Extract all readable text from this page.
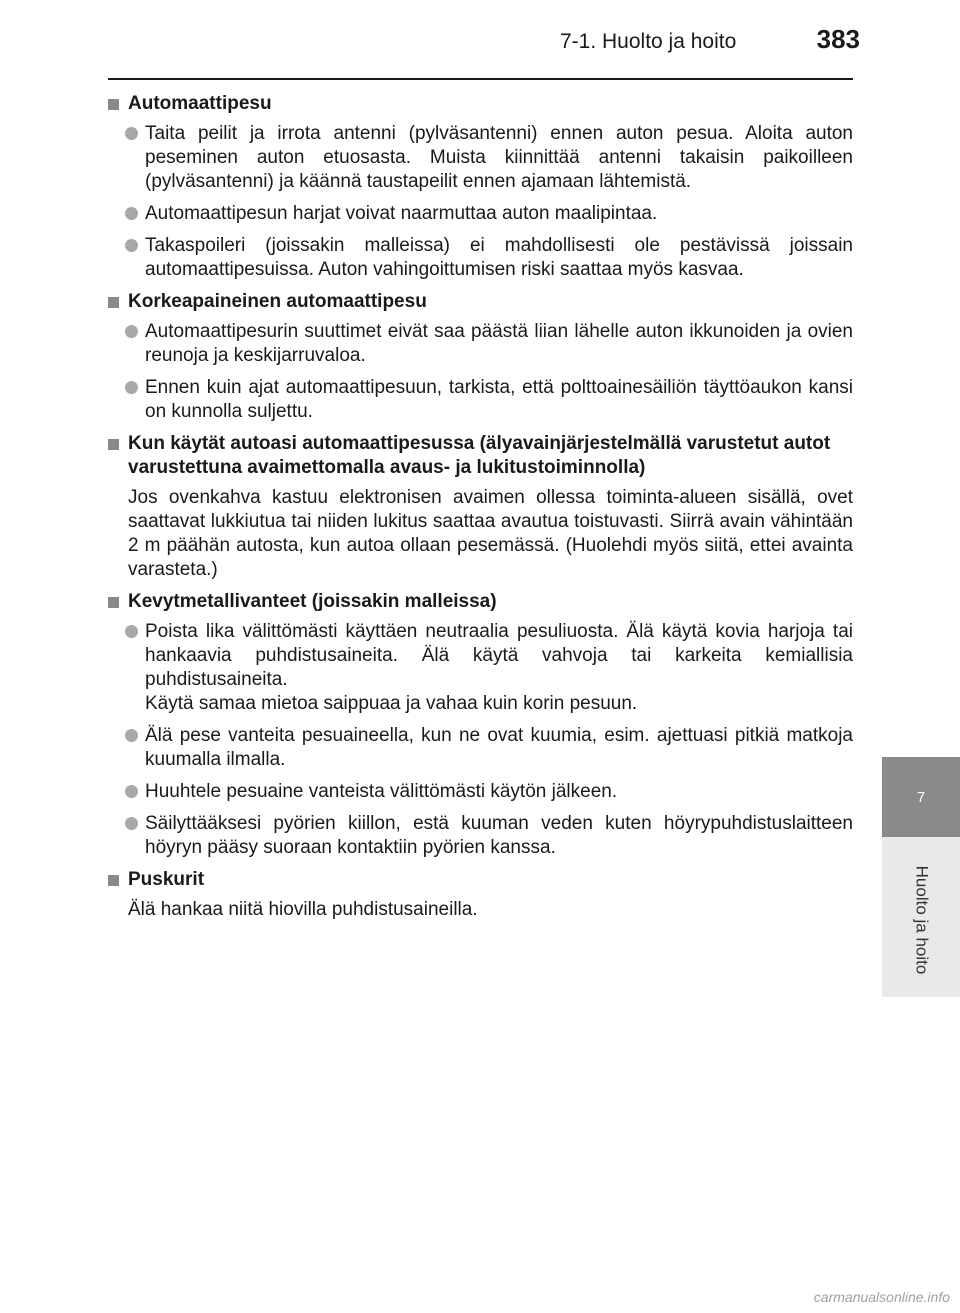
7-1. Huolto ja hoito	383
7
Huolto ja hoito
Automaattipesu
Taita peilit ja irrota antenni (pylväsantenni) ennen auton pesua. Aloita auton peseminen auton etuosasta. Muista kiinnittää antenni takaisin paikoilleen (pylväsantenni) ja käännä taustapeilit ennen ajamaan lähtemistä.
Automaattipesun harjat voivat naarmuttaa auton maalipintaa.
Takaspoileri (joissakin malleissa) ei mahdollisesti ole pestävissä joissain automaattipesuissa. Auton vahingoittumisen riski saattaa myös kasvaa.
Korkeapaineinen automaattipesu
Automaattipesurin suuttimet eivät saa päästä liian lähelle auton ikkunoiden ja ovien reunoja ja keskijarruvaloa.
Ennen kuin ajat automaattipesuun, tarkista, että polttoainesäiliön täyttöaukon kansi on kunnolla suljettu.
Kun käytät autoasi automaattipesussa (älyavainjärjestelmällä varustetut autot varustettuna avaimettomalla avaus- ja lukitustoiminnolla)
Jos ovenkahva kastuu elektronisen avaimen ollessa toiminta-alueen sisällä, ovet saattavat lukkiutua tai niiden lukitus saattaa avautua toistuvasti. Siirrä avain vähintään 2 m päähän autosta, kun autoa ollaan pesemässä. (Huolehdi myös siitä, ettei avainta varasteta.)
Kevytmetallivanteet (joissakin malleissa)
Poista lika välittömästi käyttäen neutraalia pesuliuosta. Älä käytä kovia harjoja tai hankaavia puhdistusaineita. Älä käytä vahvoja tai karkeita kemiallisia puhdistusaineita.
Käytä samaa mietoa saippuaa ja vahaa kuin korin pesuun.
Älä pese vanteita pesuaineella, kun ne ovat kuumia, esim. ajettuasi pitkiä matkoja kuumalla ilmalla.
Huuhtele pesuaine vanteista välittömästi käytön jälkeen.
Säilyttääksesi pyörien kiillon, estä kuuman veden kuten höyrypuhdistuslaitteen höyryn pääsy suoraan kontaktiin pyörien kanssa.
Puskurit
Älä hankaa niitä hiovilla puhdistusaineilla.
carmanualsonline.info
